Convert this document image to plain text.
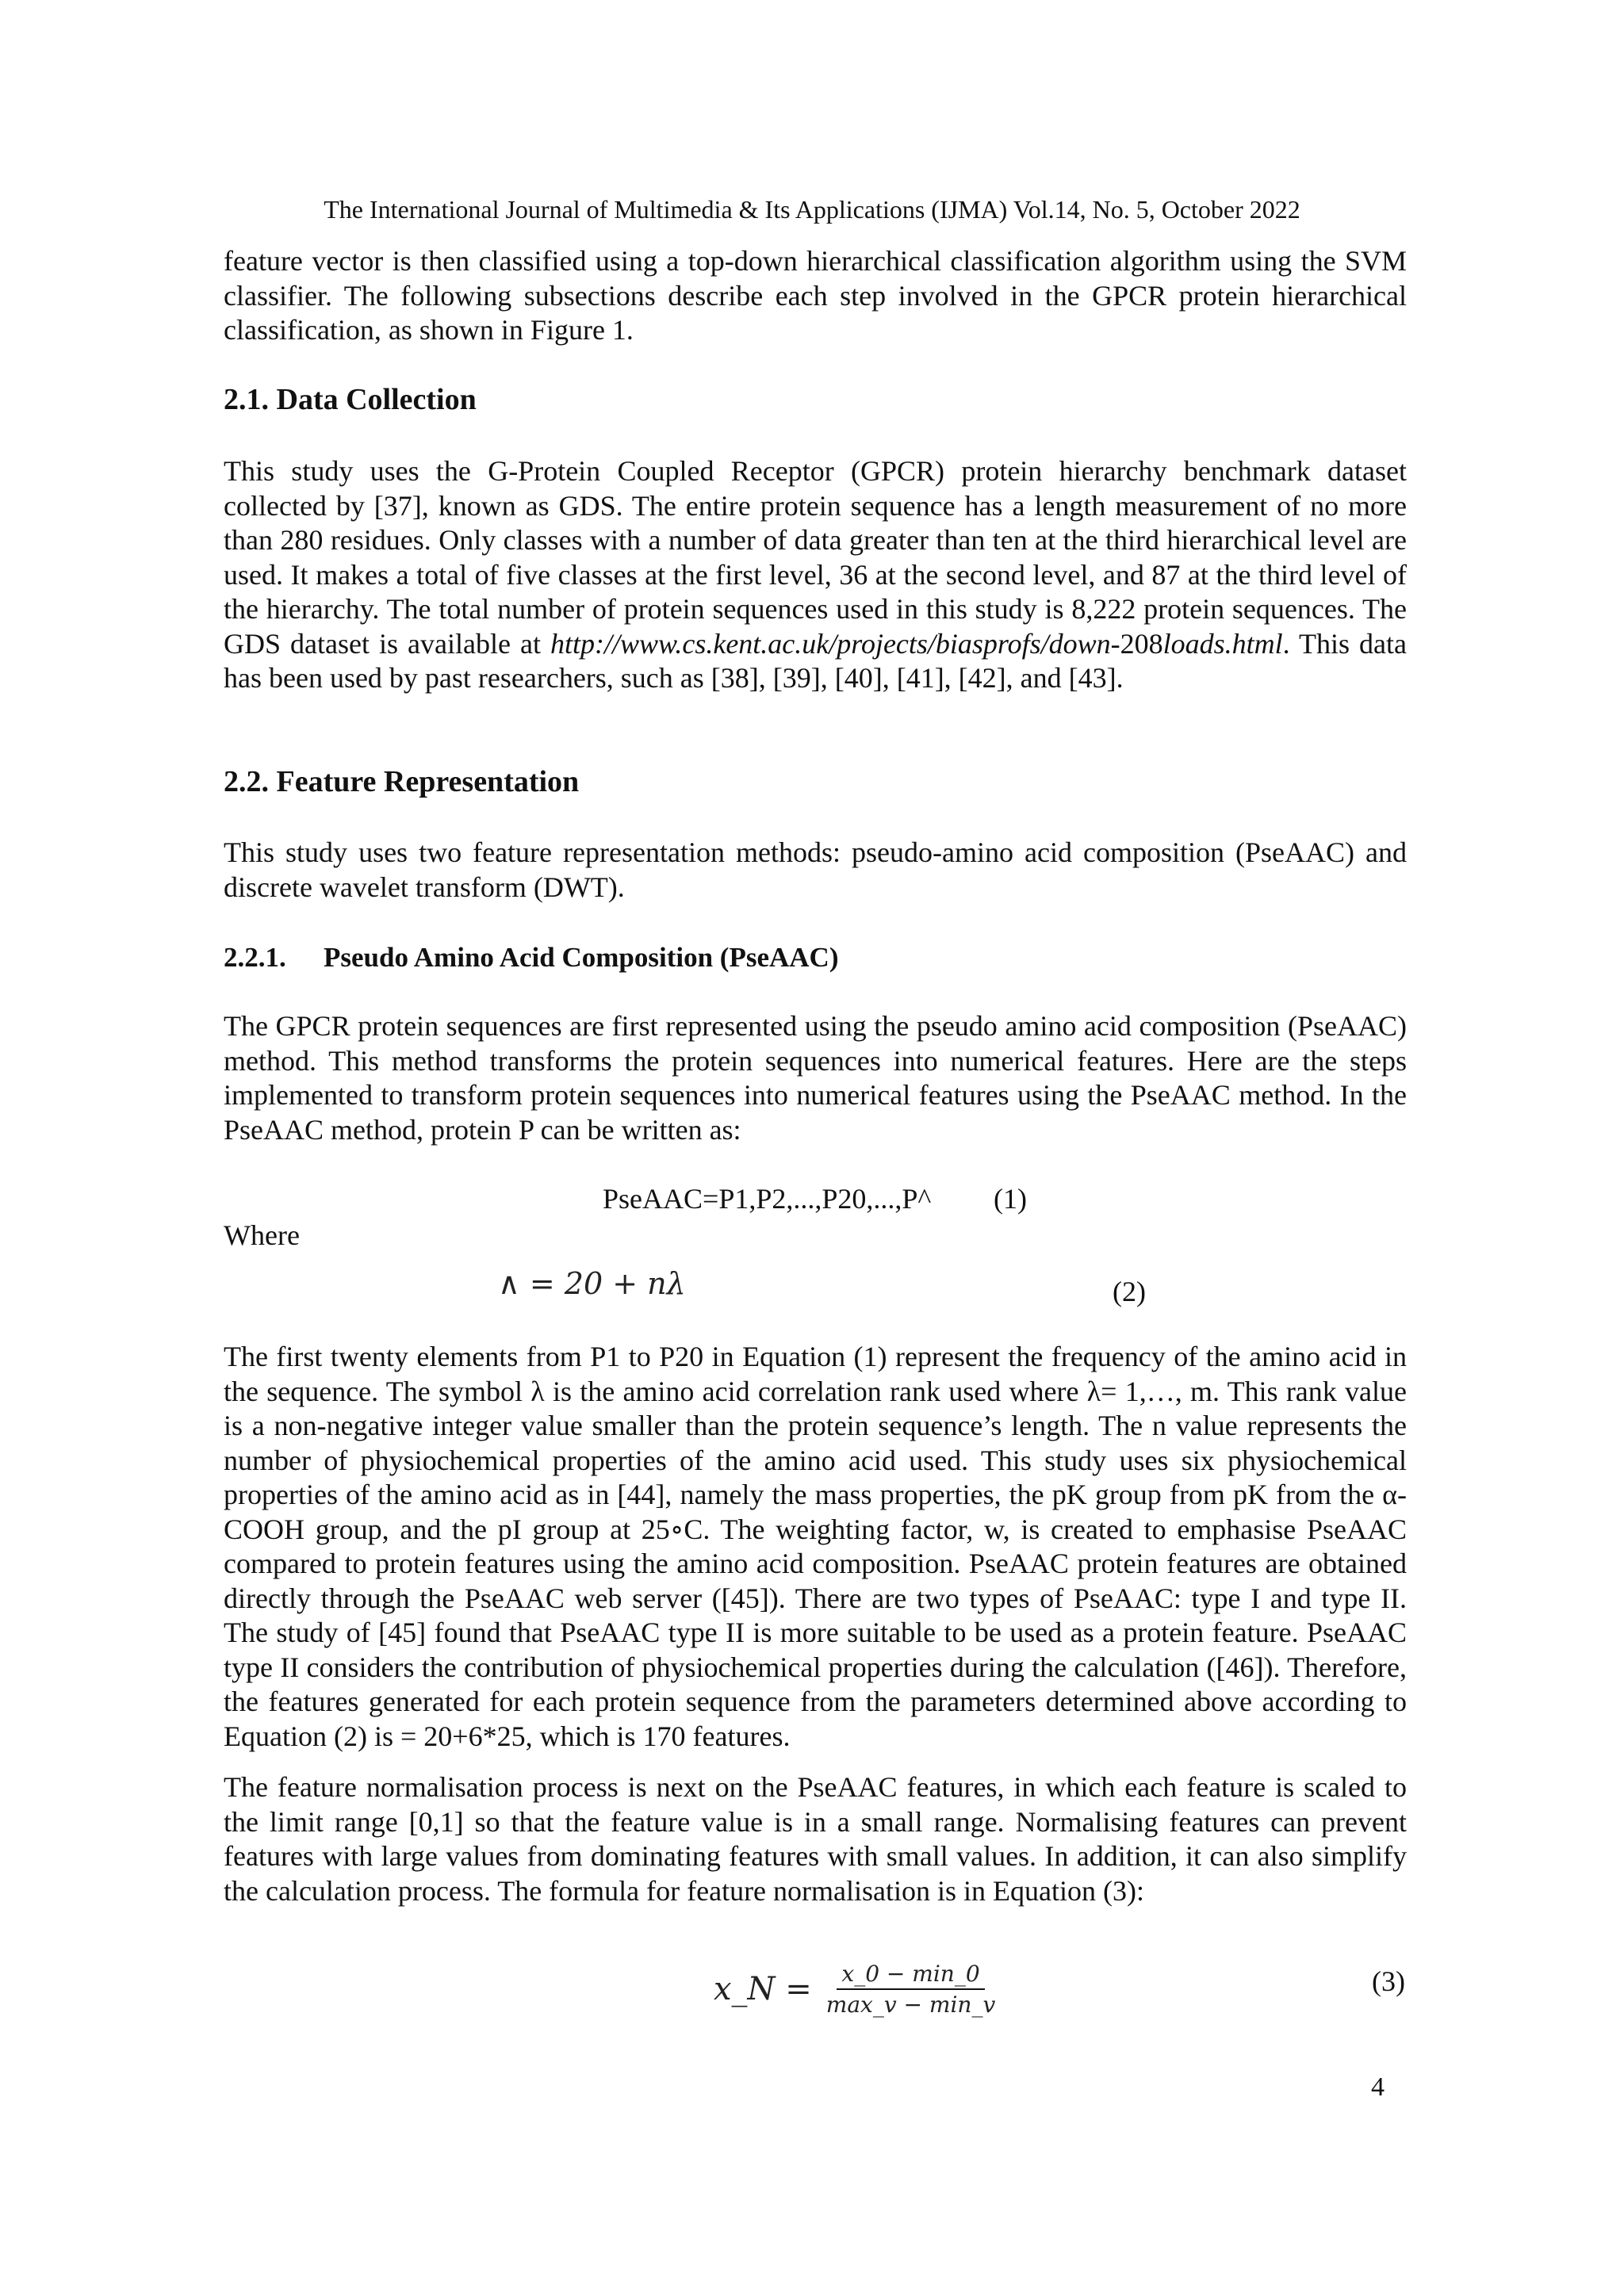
The International Journal of Multimedia & Its Applications (IJMA) Vol.14, No. 5, October 2022

feature vector is then classified using a top-down hierarchical classification algorithm using the SVM classifier. The following subsections describe each step involved in the GPCR protein hierarchical classification, as shown in Figure 1.

2.1. Data Collection

This study uses the G-Protein Coupled Receptor (GPCR) protein hierarchy benchmark dataset collected by [37], known as GDS. The entire protein sequence has a length measurement of no more than 280 residues. Only classes with a number of data greater than ten at the third hierarchical level are used. It makes a total of five classes at the first level, 36 at the second level, and 87 at the third level of the hierarchy. The total number of protein sequences used in this study is 8,222 protein sequences. The GDS dataset is available at http://www.cs.kent.ac.uk/projects/biasprofs/down-208loads.html. This data has been used by past researchers, such as [38], [39], [40], [41], [42], and [43].

2.2. Feature Representation

This study uses two feature representation methods: pseudo-amino acid composition (PseAAC) and discrete wavelet transform (DWT).

2.2.1. Pseudo Amino Acid Composition (PseAAC)

The GPCR protein sequences are first represented using the pseudo amino acid composition (PseAAC) method. This method transforms the protein sequences into numerical features. Here are the steps implemented to transform protein sequences into numerical features using the PseAAC method. In the PseAAC method, protein P can be written as:

PseAAC=P1,P2,...,P20,...,P^ (1)
Where
∧ = 20 + nλ	(2)

The first twenty elements from P1 to P20 in Equation (1) represent the frequency of the amino acid in the sequence. The symbol λ is the amino acid correlation rank used where λ= 1,…, m. This rank value is a non-negative integer value smaller than the protein sequence’s length. The n value represents the number of physiochemical properties of the amino acid used. This study uses six physiochemical properties of the amino acid as in [44], namely the mass properties, the pK group from pK from the α-COOH group, and the pI group at 25∘C. The weighting factor, w, is created to emphasise PseAAC compared to protein features using the amino acid composition. PseAAC protein features are obtained directly through the PseAAC web server ([45]). There are two types of PseAAC: type I and type II. The study of [45] found that PseAAC type II is more suitable to be used as a protein feature. PseAAC type II considers the contribution of physiochemical properties during the calculation ([46]). Therefore, the features generated for each protein sequence from the parameters determined above according to Equation (2) is = 20+6*25, which is 170 features.

The feature normalisation process is next on the PseAAC features, in which each feature is scaled to the limit range [0,1] so that the feature value is in a small range. Normalising features can prevent features with large values from dominating features with small values. In addition, it can also simplify the calculation process. The formula for feature normalisation is in Equation (3):

x_N = $\frac{x\_0 - \min\_0}{\max\_v - \min\_v}$	(3)
4
